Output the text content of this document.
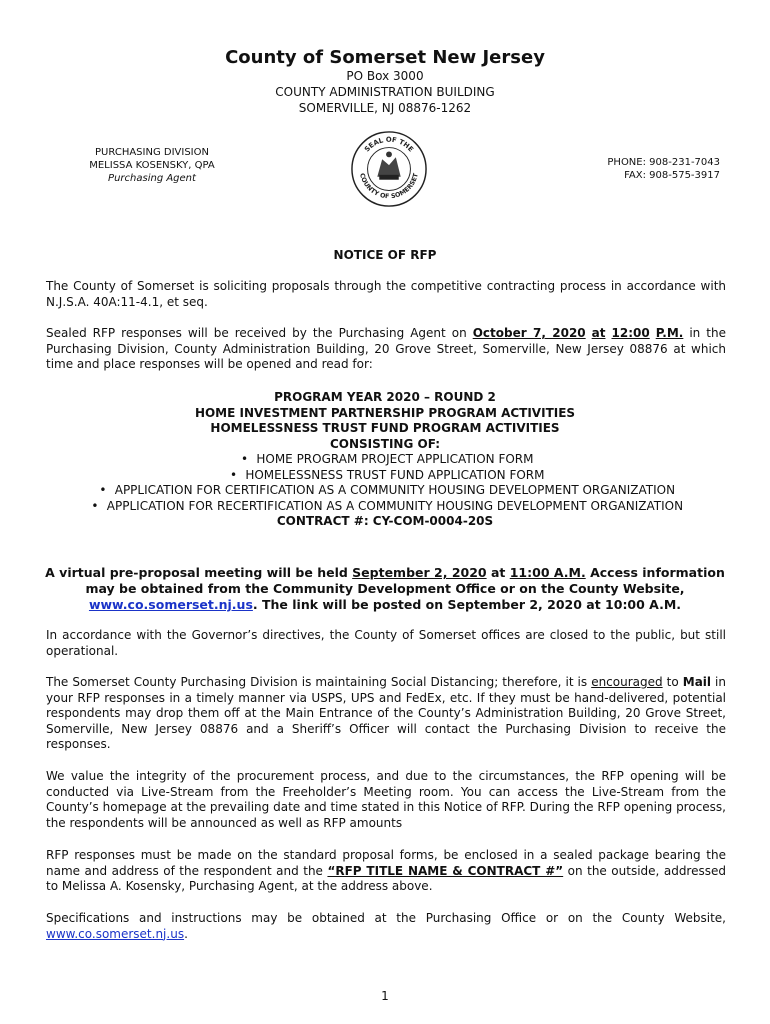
County of Somerset New Jersey
PO Box 3000
COUNTY ADMINISTRATION BUILDING
SOMERVILLE, NJ 08876-1262
PURCHASING DIVISION
MELISSA KOSENSKY, QPA
Purchasing Agent
SEAL OF THE
COUNTY OF SOMERSET
PHONE: 908-231-7043
FAX: 908-575-3917
NOTICE OF RFP
The County of Somerset is soliciting proposals through the competitive contracting process in accordance with N.J.S.A. 40A:11-4.1, et seq.
Sealed RFP responses will be received by the Purchasing Agent on October 7, 2020 at 12:00 P.M. in the Purchasing Division, County Administration Building, 20 Grove Street, Somerville, New Jersey 08876 at which time and place responses will be opened and read for:
PROGRAM YEAR 2020 – ROUND 2
HOME INVESTMENT PARTNERSHIP PROGRAM ACTIVITIES
HOMELESSNESS TRUST FUND PROGRAM ACTIVITIES
CONSISTING OF:
• HOME PROGRAM PROJECT APPLICATION FORM
• HOMELESSNESS TRUST FUND APPLICATION FORM
• APPLICATION FOR CERTIFICATION AS A COMMUNITY HOUSING DEVELOPMENT ORGANIZATION
• APPLICATION FOR RECERTIFICATION AS A COMMUNITY HOUSING DEVELOPMENT ORGANIZATION
CONTRACT #: CY-COM-0004-20S
A virtual pre-proposal meeting will be held September 2, 2020 at 11:00 A.M. Access information may be obtained from the Community Development Office or on the County Website, www.co.somerset.nj.us. The link will be posted on September 2, 2020 at 10:00 A.M.
In accordance with the Governor’s directives, the County of Somerset offices are closed to the public, but still operational.
The Somerset County Purchasing Division is maintaining Social Distancing; therefore, it is encouraged to Mail in your RFP responses in a timely manner via USPS, UPS and FedEx, etc. If they must be hand-delivered, potential respondents may drop them off at the Main Entrance of the County’s Administration Building, 20 Grove Street, Somerville, New Jersey 08876 and a Sheriff’s Officer will contact the Purchasing Division to receive the responses.
We value the integrity of the procurement process, and due to the circumstances, the RFP opening will be conducted via Live-Stream from the Freeholder’s Meeting room. You can access the Live-Stream from the County’s homepage at the prevailing date and time stated in this Notice of RFP. During the RFP opening process, the respondents will be announced as well as RFP amounts
RFP responses must be made on the standard proposal forms, be enclosed in a sealed package bearing the name and address of the respondent and the “RFP TITLE NAME & CONTRACT #” on the outside, addressed to Melissa A. Kosensky, Purchasing Agent, at the address above.
Specifications and instructions may be obtained at the Purchasing Office or on the County Website, www.co.somerset.nj.us.
1
